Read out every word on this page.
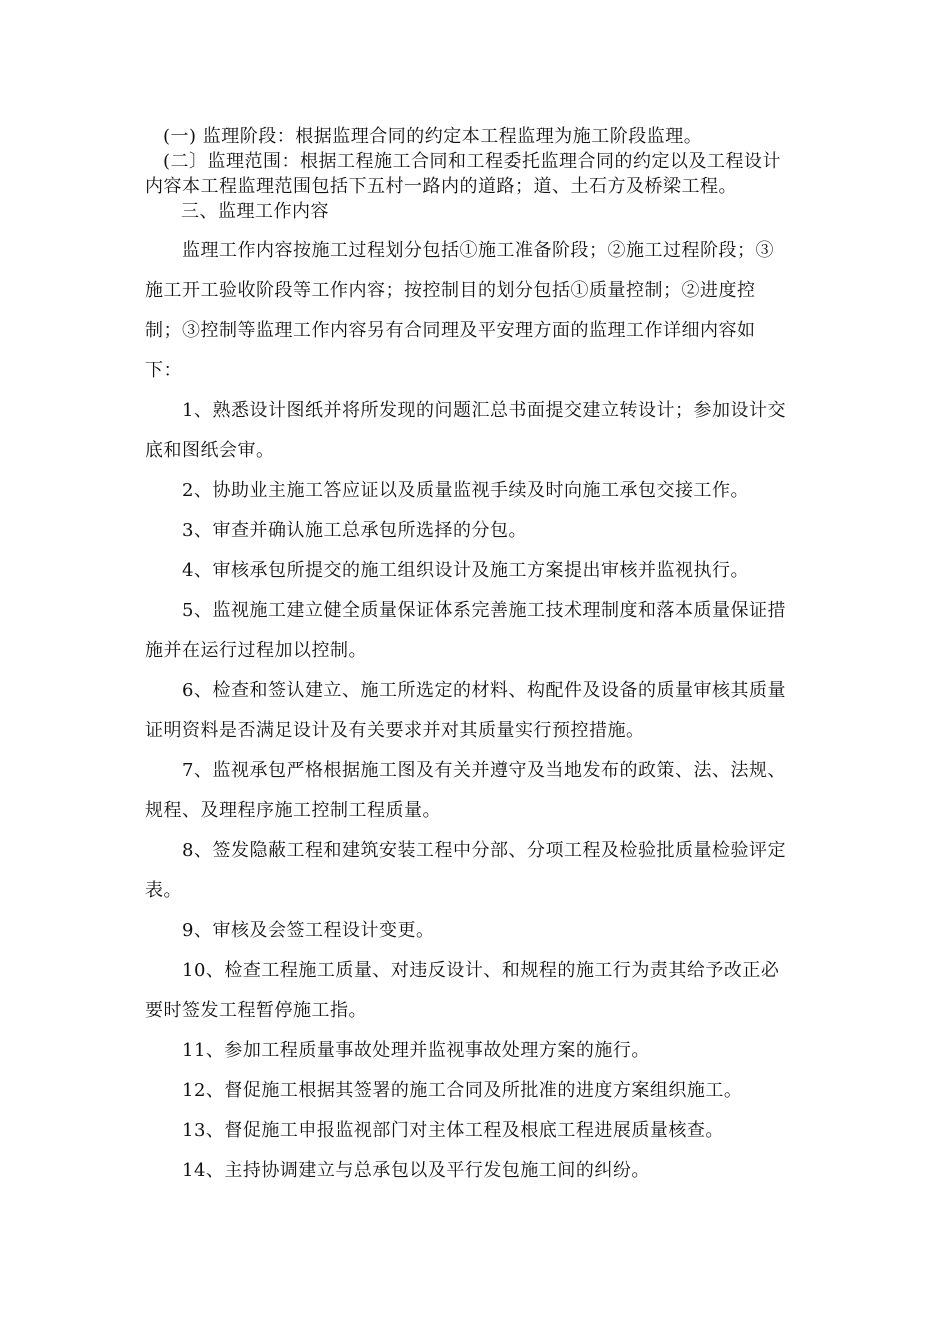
(一) 监理阶段：根据监理合同的约定本工程监理为施工阶段监理。
(二〕监理范围：根据工程施工合同和工程委托监理合同的约定以及工程设计
内容本工程监理范围包括下五村一路内的道路；道、土石方及桥梁工程。
三、监理工作内容
　　监理工作内容按施工过程划分包括①施工准备阶段；②施工过程阶段；③
施工开工验收阶段等工作内容；按控制目的划分包括①质量控制；②进度控
制；③控制等监理工作内容另有合同理及平安理方面的监理工作详细内容如
下：
　　1、熟悉设计图纸并将所发现的问题汇总书面提交建立转设计；参加设计交
底和图纸会审。
　　2、协助业主施工答应证以及质量监视手续及时向施工承包交接工作。
　　3、审查并确认施工总承包所选择的分包。
　　4、审核承包所提交的施工组织设计及施工方案提出审核并监视执行。
　　5、监视施工建立健全质量保证体系完善施工技术理制度和落本质量保证措
施并在运行过程加以控制。
　　6、检查和签认建立、施工所选定的材料、构配件及设备的质量审核其质量
证明资料是否满足设计及有关要求并对其质量实行预控措施。
　　7、监视承包严格根据施工图及有关并遵守及当地发布的政策、法、法规、
规程、及理程序施工控制工程质量。
　　8、签发隐蔽工程和建筑安装工程中分部、分项工程及检验批质量检验评定
表。
　　9、审核及会签工程设计变更。
　　10、检查工程施工质量、对违反设计、和规程的施工行为责其给予改正必
要时签发工程暂停施工指。
　　11、参加工程质量事故处理并监视事故处理方案的施行。
　　12、督促施工根据其签署的施工合同及所批准的进度方案组织施工。
　　13、督促施工申报监视部门对主体工程及根底工程进展质量核查。
　　14、主持协调建立与总承包以及平行发包施工间的纠纷。
